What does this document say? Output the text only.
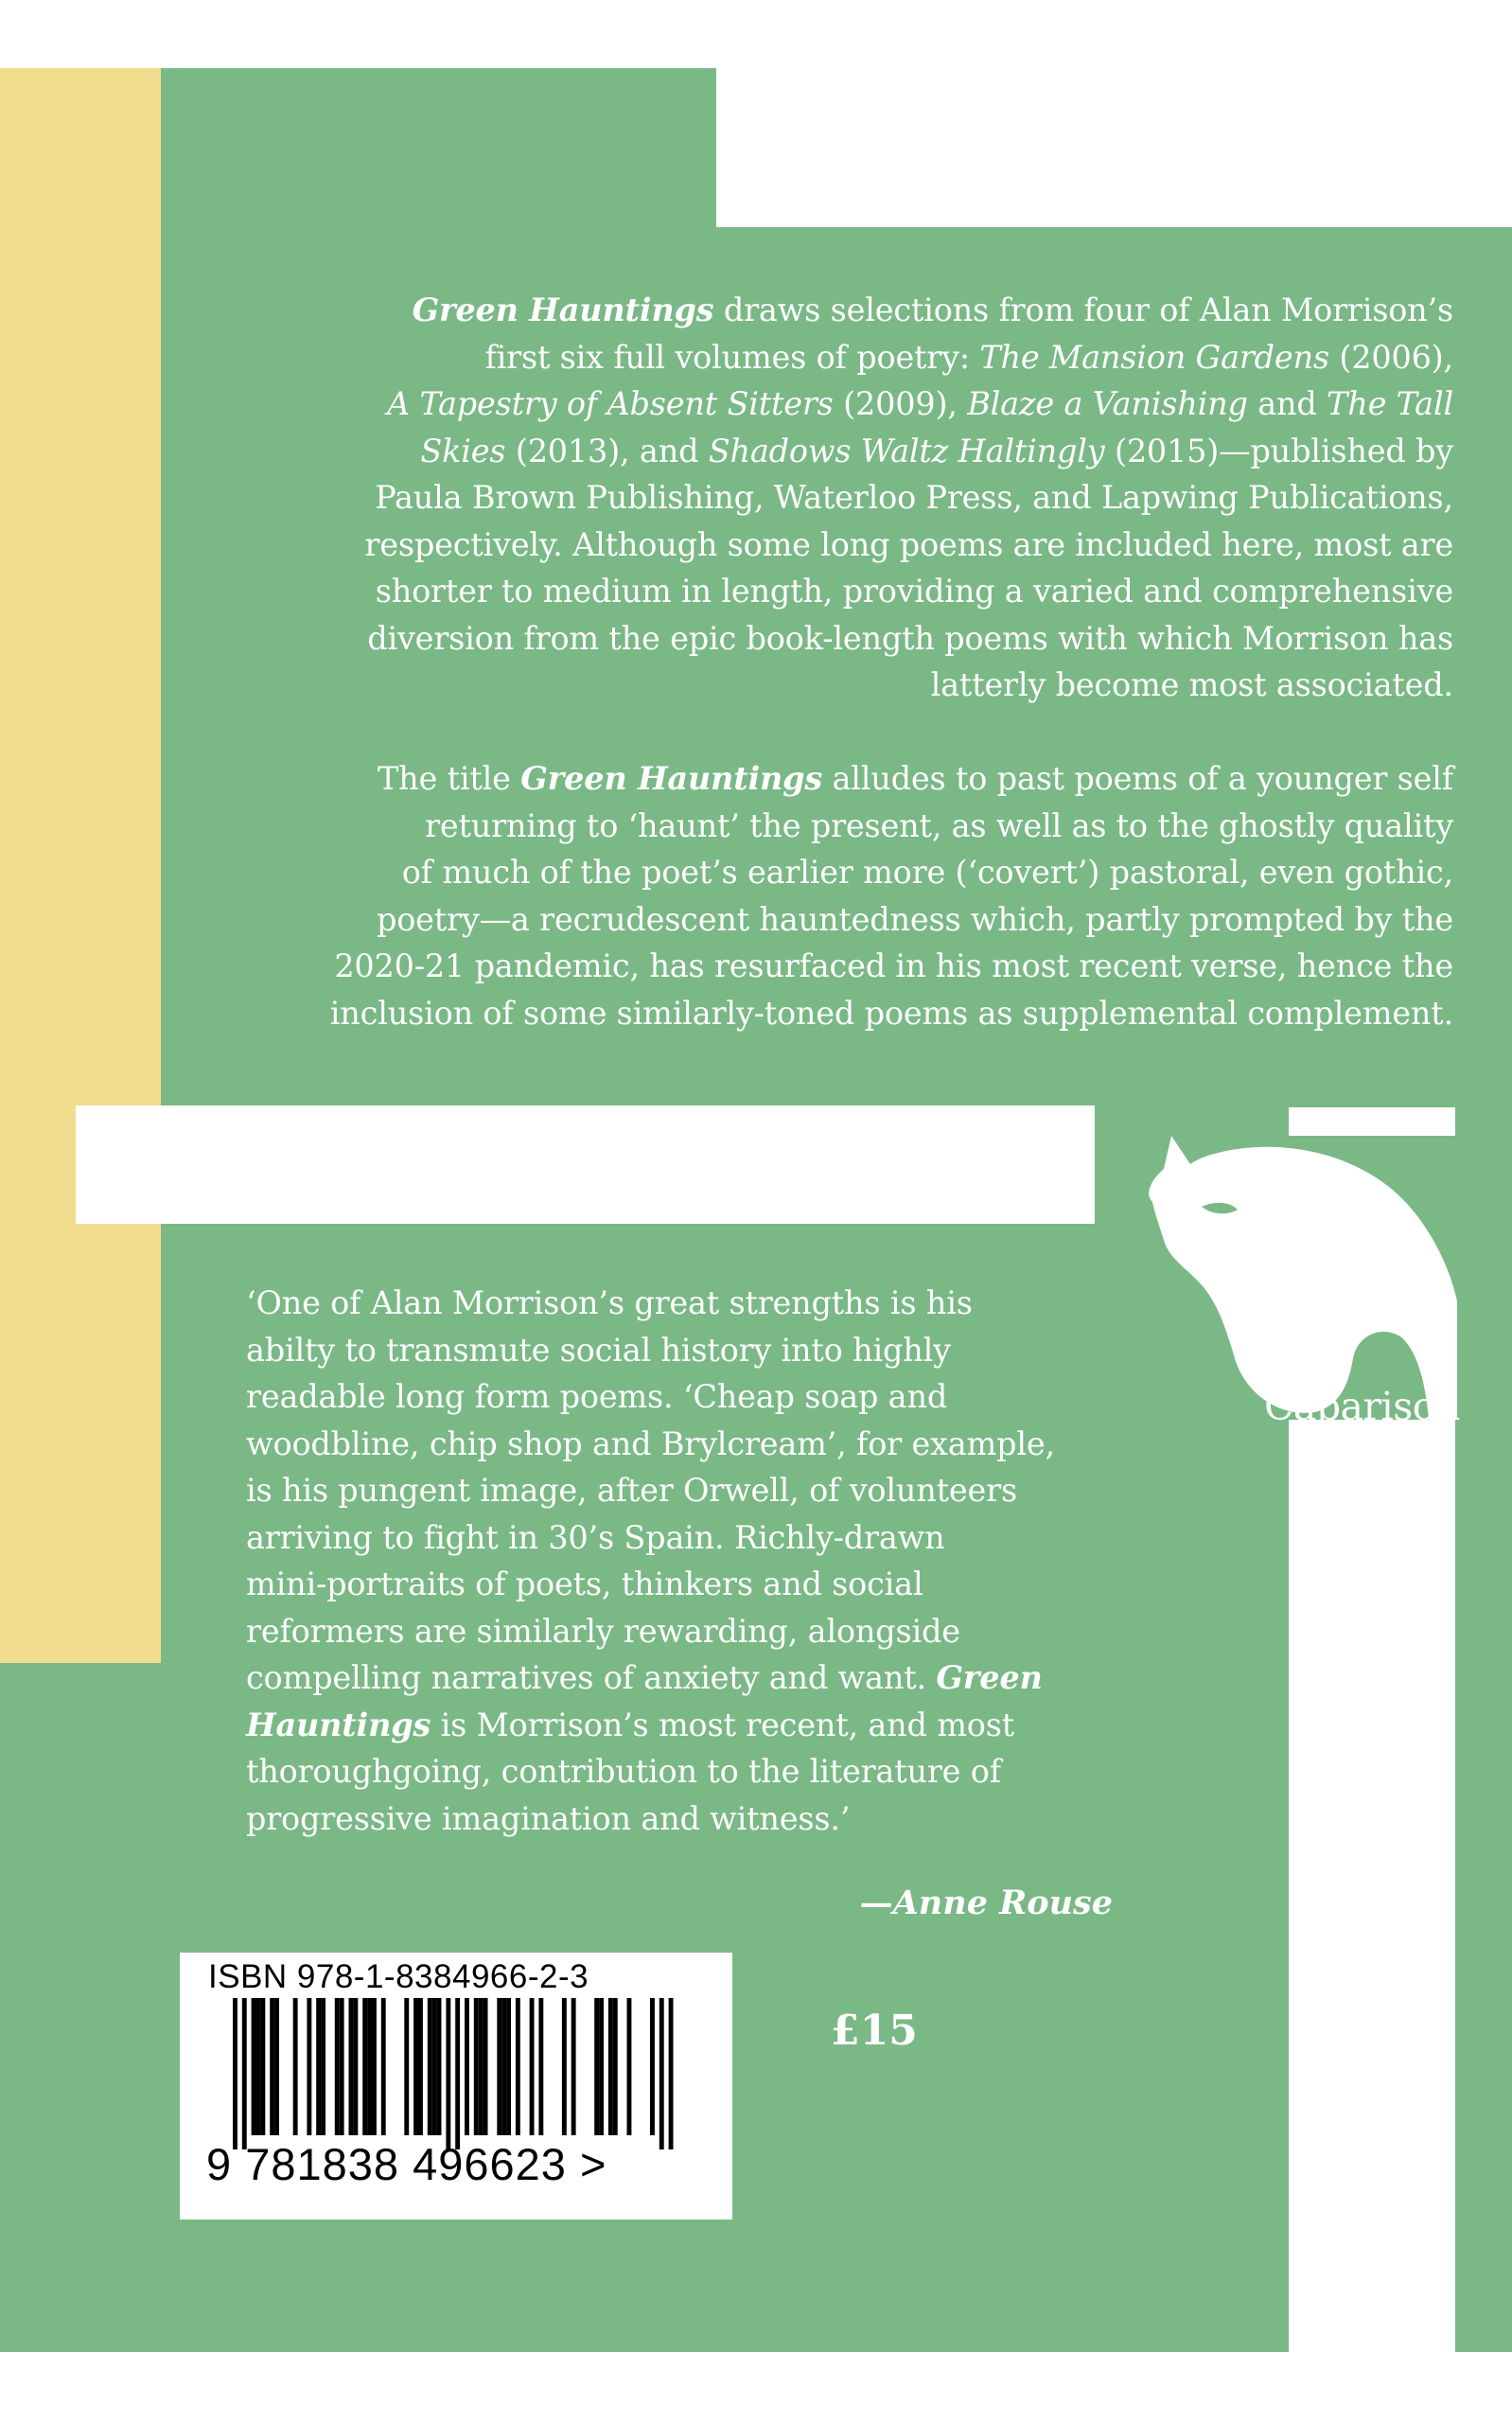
Green Hauntings draws selections from four of Alan Morrison’s
first six full volumes of poetry: The Mansion Gardens (2006),
A Tapestry of Absent Sitters (2009), Blaze a Vanishing and The Tall
Skies (2013), and Shadows Waltz Haltingly (2015)—published by
Paula Brown Publishing, Waterloo Press, and Lapwing Publications,
respectively. Although some long poems are included here, most are
shorter to medium in length, providing a varied and comprehensive
diversion from the epic book-length poems with which Morrison has
latterly become most associated.

The title Green Hauntings alludes to past poems of a younger self
returning to ‘haunt’ the present, as well as to the ghostly quality
of much of the poet’s earlier more (‘covert’) pastoral, even gothic,
poetry—a recrudescent hauntedness which, partly prompted by the
2020-21 pandemic, has resurfaced in his most recent verse, hence the
inclusion of some similarly-toned poems as supplemental complement.

Caparison

‘One of Alan Morrison’s great strengths is his
abilty to transmute social history into highly
readable long form poems. ‘Cheap soap and
woodbline, chip shop and Brylcream’, for example,
is his pungent image, after Orwell, of volunteers
arriving to fight in 30’s Spain. Richly-drawn
mini-portraits of poets, thinkers and social
reformers are similarly rewarding, alongside
compelling narratives of anxiety and want. Green
Hauntings is Morrison’s most recent, and most
thoroughgoing, contribution to the literature of
progressive imagination and witness.’

—Anne Rouse
ISBN 978-1-8384966-2-3
9 781838 496623 >
£15
